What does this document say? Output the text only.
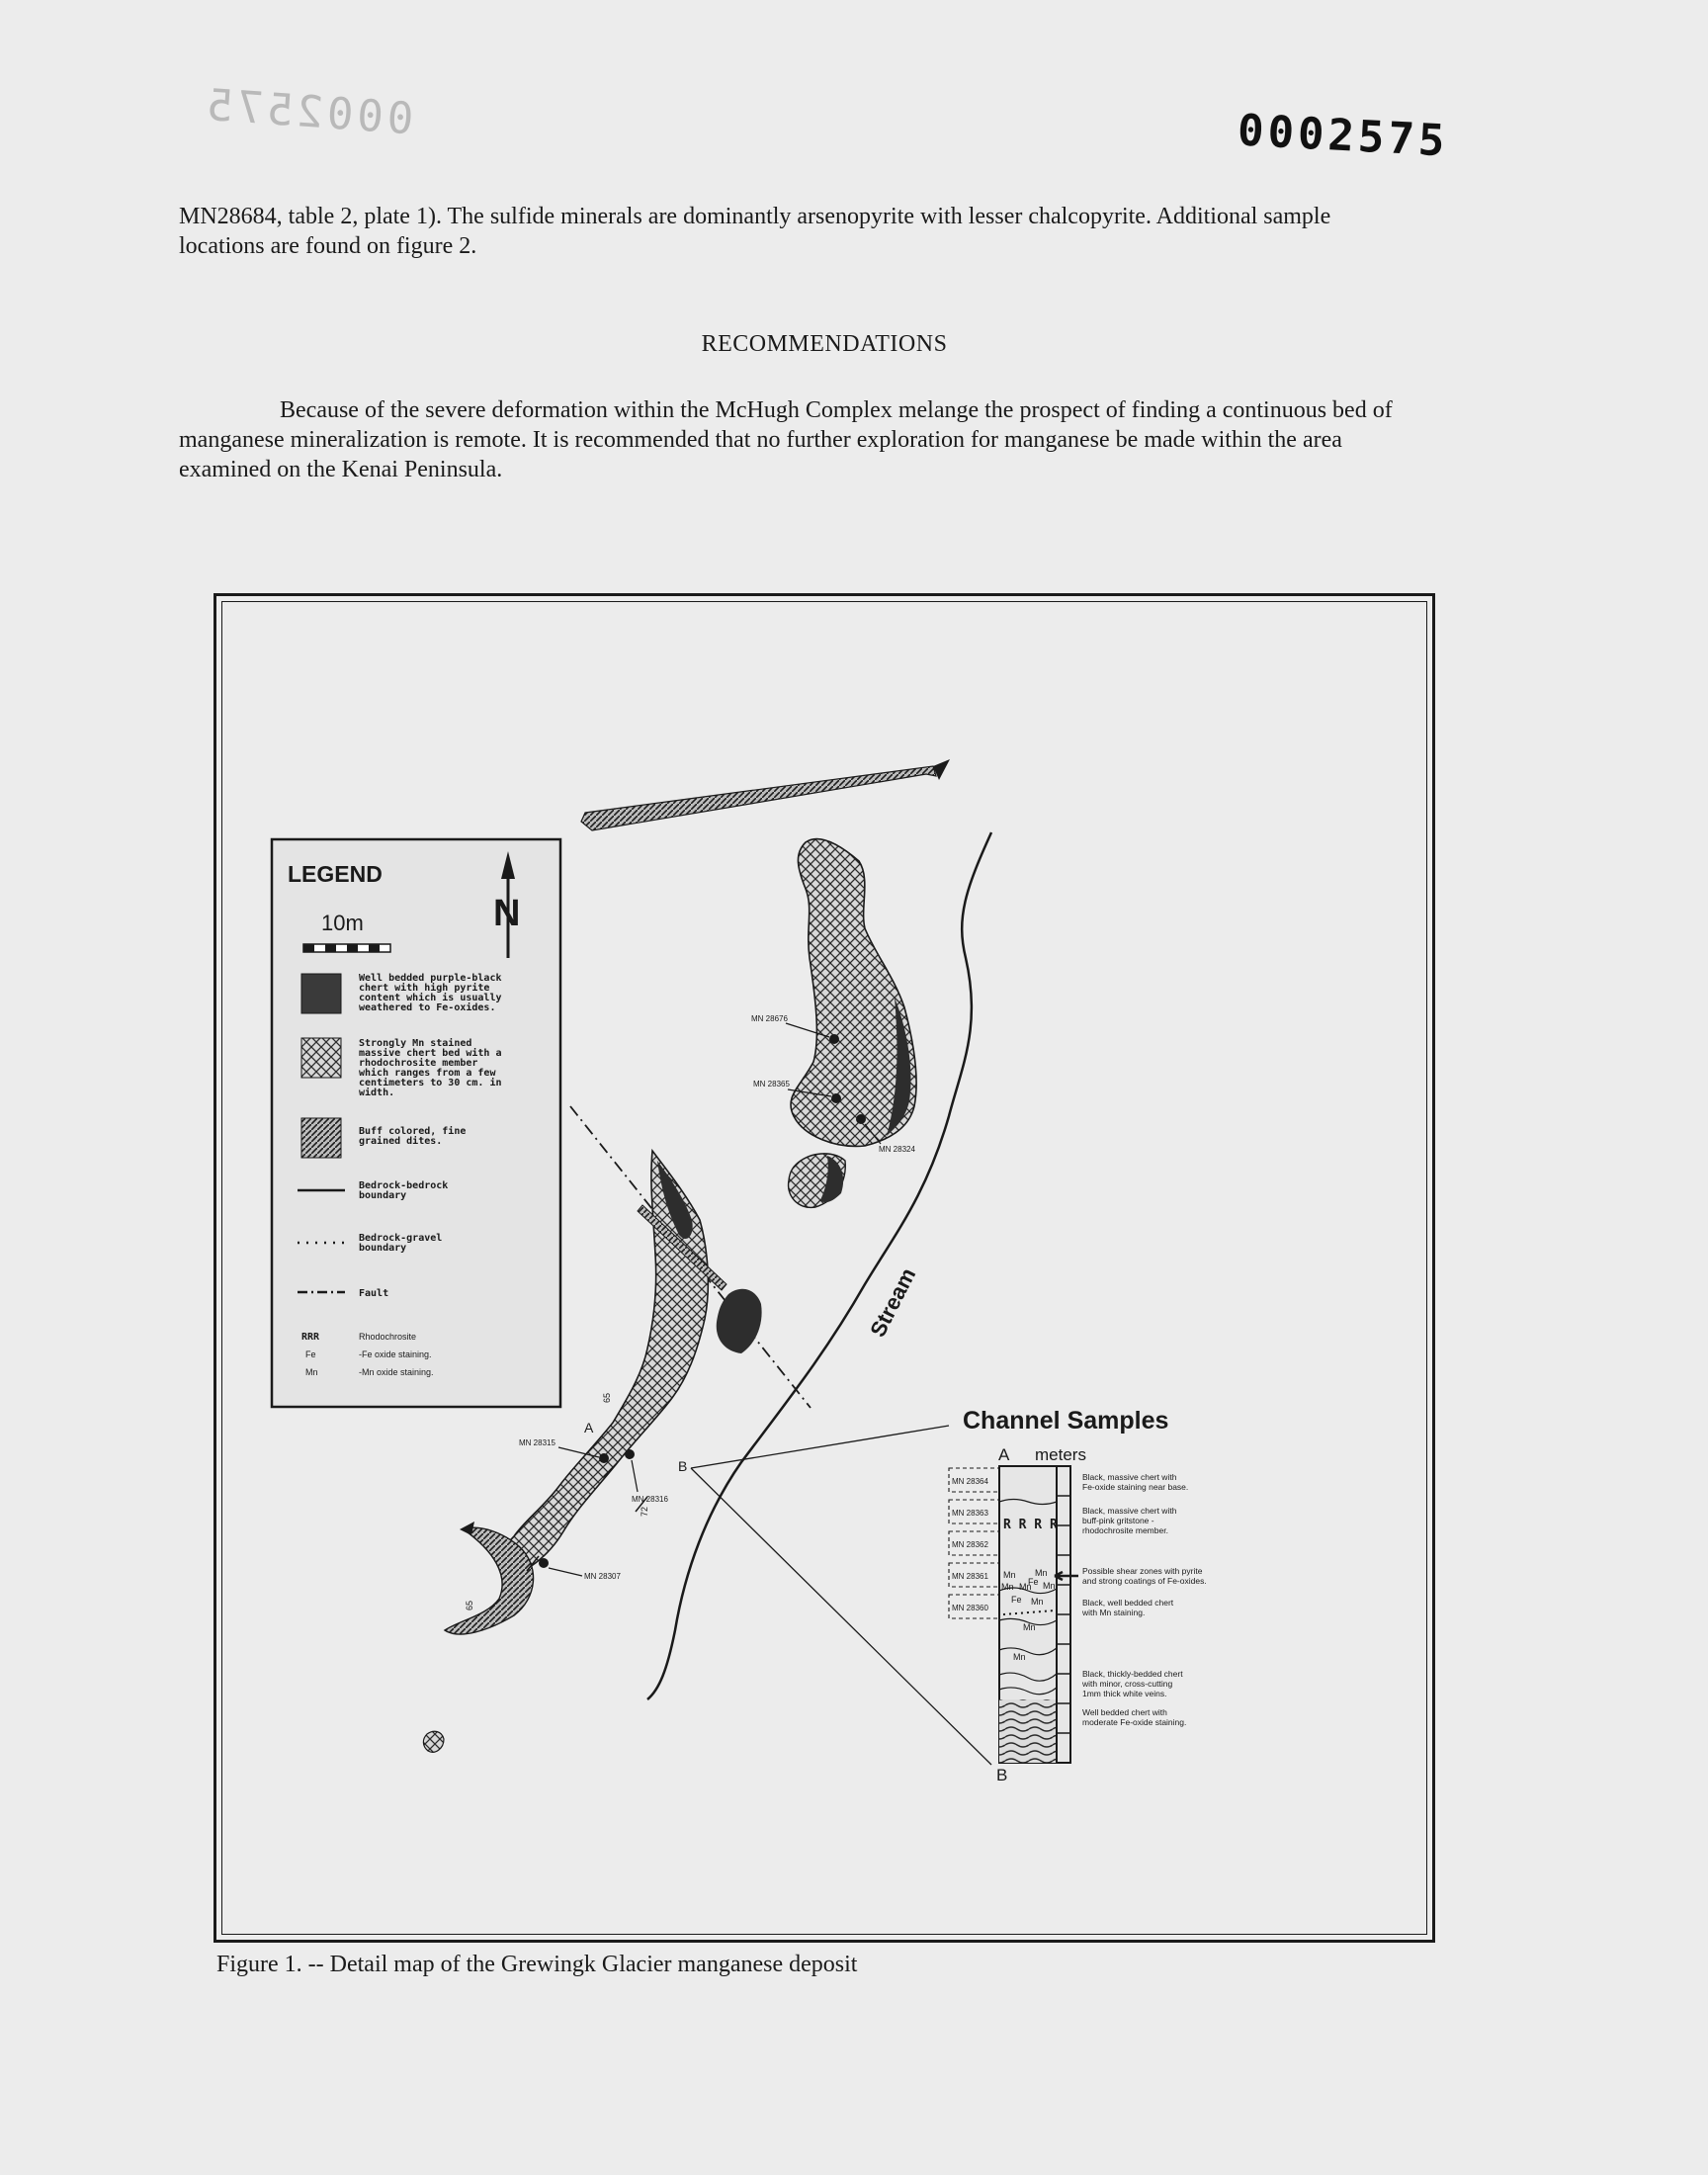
0002575	0002575

MN28684, table 2, plate 1). The sulfide minerals are dominantly arsenopyrite with lesser chalcopyrite. Additional sample locations are found on figure 2.

RECOMMENDATIONS

Because of the severe deformation within the McHugh Complex melange the prospect of finding a continuous bed of manganese mineralization is remote. It is recommended that no further exploration for manganese be made within the area examined on the Kenai Peninsula.

LEGEND
10m	N
Well bedded purple-black chert with high pyrite content which is usually weathered to Fe-oxides.
Strongly Mn stained massive chert bed with a rhodochrosite member which ranges from a few centimeters to 30 cm. in width.
Buff colored, fine grained dites.
Bedrock-bedrock boundary
Bedrock-gravel boundary
Fault
RRR	Rhodochrosite
Fe	-Fe oxide staining.
Mn	-Mn oxide staining.
Stream
MN 28676
MN 28365
MN 28324
MN 28315
MN 28316
MN 28307
A
B
65
72
65
Channel Samples
A meters
B
R R R R
Mn Mn
Fe
Fe
Mn Mn Mn
Mn
Mn
Mn
MN 28364
MN 28363
MN 28362
MN 28361
MN 28360
Black, massive chert with Fe-oxide staining near base.
Black, massive chert with buff-pink gritstone -rhodochrosite member.
Possible shear zones with pyrite and strong coatings of Fe-oxides.
Black, well bedded chert with Mn staining.
Black, thickly-bedded chert with minor, cross-cutting 1mm thick white veins.
Well bedded chert with moderate Fe-oxide staining.
Figure 1. -- Detail map of the Grewingk Glacier manganese deposit
